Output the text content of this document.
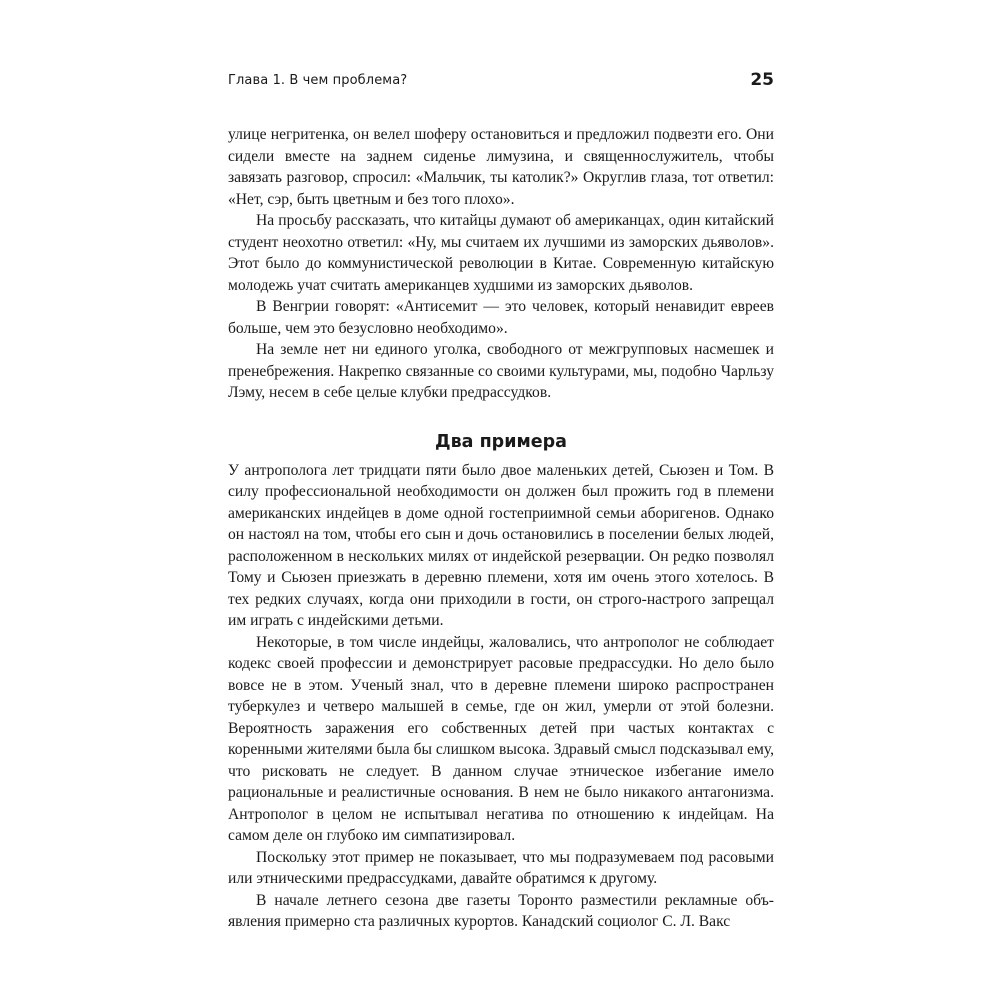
Глава 1. В чем проблема?	25

улице негритенка, он велел шоферу остановиться и предложил подвезти его. Они сидели вместе на заднем сиденье лимузина, и священнослужитель, чтобы завязать разговор, спросил: «Мальчик, ты католик?» Округлив глаза, тот ответил: «Нет, сэр, быть цветным и без того плохо».

На просьбу рассказать, что китайцы думают об американцах, один китайский студент неохотно ответил: «Ну, мы считаем их лучшими из заморских дьяволов». Этот было до коммунистической революции в Китае. Современную китайскую молодежь учат считать американцев худшими из заморских дьяволов.

В Венгрии говорят: «Антисемит — это человек, который ненавидит евреев больше, чем это безусловно необходимо».

На земле нет ни единого уголка, свободного от межгрупповых насмешек и пренебрежения. Накрепко связанные со своими культурами, мы, подобно Чарльзу Лэму, несем в себе целые клубки предрассудков.

Два примера

У антрополога лет тридцати пяти было двое маленьких детей, Сьюзен и Том. В силу профессиональной необходимости он должен был прожить год в племени американских индейцев в доме одной гостеприимной семьи аборигенов. Однако он настоял на том, чтобы его сын и дочь остановились в поселении белых людей, расположенном в нескольких милях от индейской резервации. Он редко позволял Тому и Сьюзен приезжать в деревню племени, хотя им очень этого хотелось. В тех редких случаях, когда они приходили в гости, он строго-настрого запрещал им играть с индейскими детьми.

Некоторые, в том числе индейцы, жаловались, что антрополог не соблюдает кодекс своей профессии и демонстрирует расовые предрассудки. Но дело было вовсе не в этом. Ученый знал, что в деревне племени широко распространен туберкулез и четверо малышей в семье, где он жил, умерли от этой болезни. Вероятность заражения его собственных детей при частых контактах с коренными жителями была бы слишком высока. Здравый смысл подсказывал ему, что рисковать не следует. В данном случае этническое избегание имело рациональные и реалистичные основания. В нем не было никакого антагонизма. Антрополог в целом не испытывал негатива по отношению к индейцам. На самом деле он глубоко им симпатизировал.

Поскольку этот пример не показывает, что мы подразумеваем под расовыми или этническими предрассудками, давайте обратимся к другому.

В начале летнего сезона две газеты Торонто разместили рекламные объявления примерно ста различных курортов. Канадский социолог С. Л. Вакс
